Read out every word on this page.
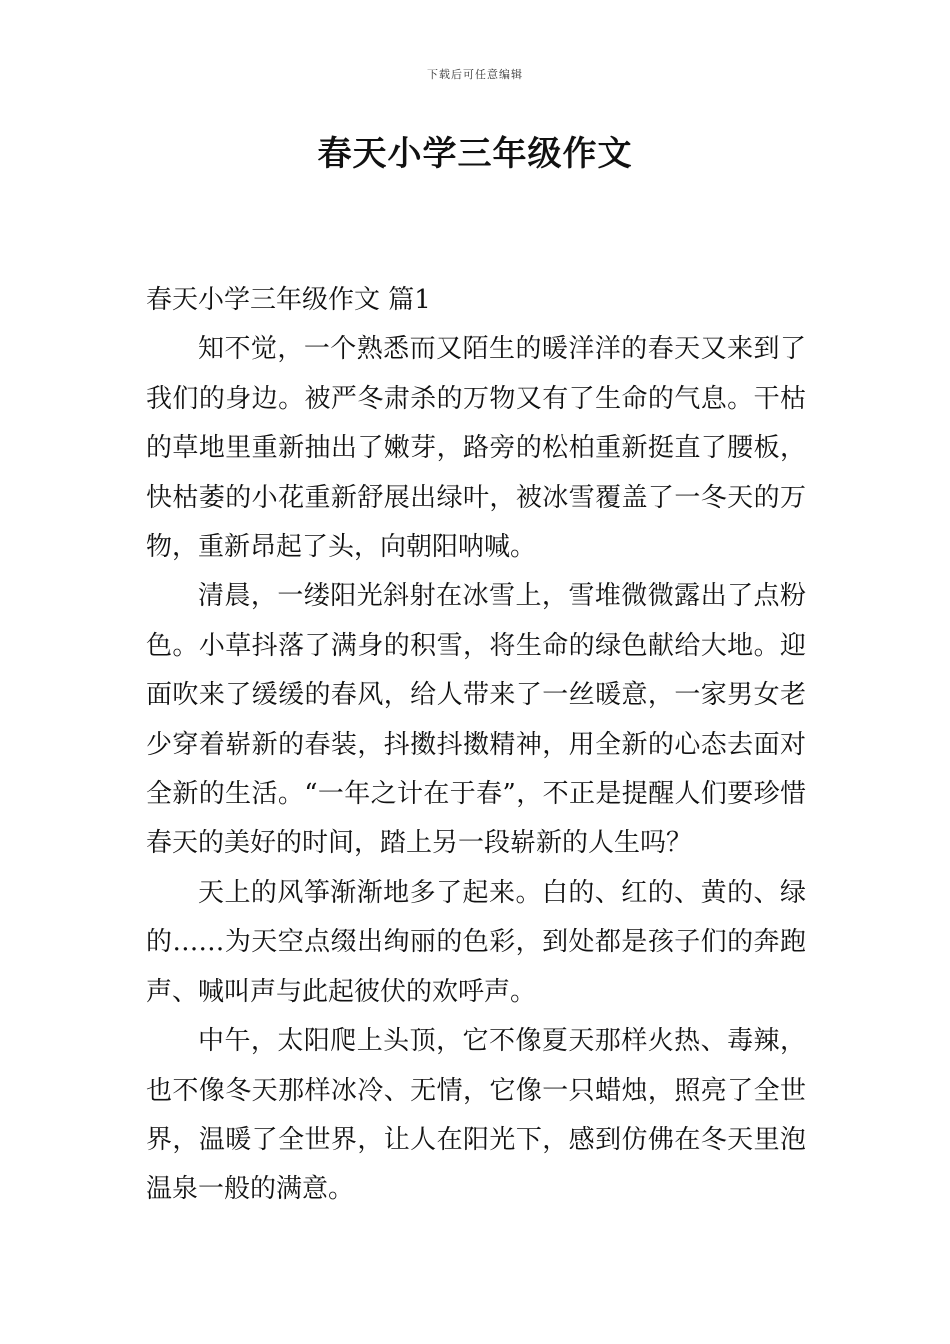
下载后可任意编辑
春天小学三年级作文
春天小学三年级作文 篇1

知不觉，一个熟悉而又陌生的暖洋洋的春天又来到了我们的身边。被严冬肃杀的万物又有了生命的气息。干枯的草地里重新抽出了嫩芽，路旁的松柏重新挺直了腰板，快枯萎的小花重新舒展出绿叶，被冰雪覆盖了一冬天的万物，重新昂起了头，向朝阳呐喊。

清晨，一缕阳光斜射在冰雪上，雪堆微微露出了点粉色。小草抖落了满身的积雪，将生命的绿色献给大地。迎面吹来了缓缓的春风，给人带来了一丝暖意，一家男女老少穿着崭新的春装，抖擞抖擞精神，用全新的心态去面对全新的生活。“一年之计在于春”，不正是提醒人们要珍惜春天的美好的时间，踏上另一段崭新的人生吗？

天上的风筝渐渐地多了起来。白的、红的、黄的、绿的……为天空点缀出绚丽的色彩，到处都是孩子们的奔跑声、喊叫声与此起彼伏的欢呼声。

中午，太阳爬上头顶，它不像夏天那样火热、毒辣，也不像冬天那样冰冷、无情，它像一只蜡烛，照亮了全世界，温暖了全世界，让人在阳光下，感到仿佛在冬天里泡温泉一般的满意。
